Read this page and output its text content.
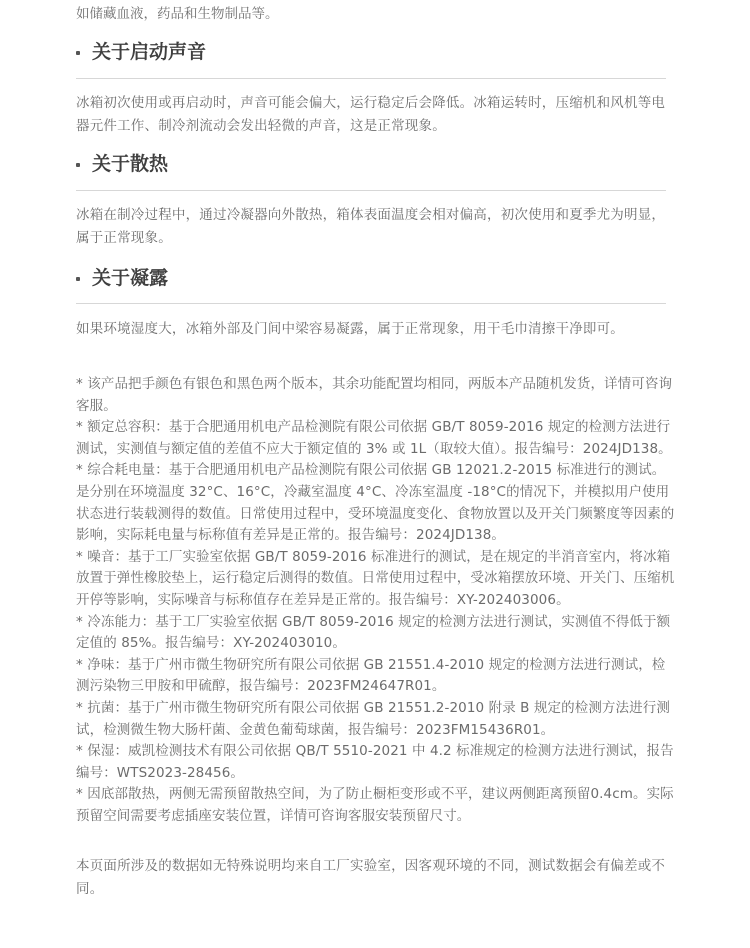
如储藏血液，药品和生物制品等。
关于启动声音
冰箱初次使用或再启动时，声音可能会偏大，运行稳定后会降低。冰箱运转时，压缩机和风机等电器元件工作、制冷剂流动会发出轻微的声音，这是正常现象。
关于散热
冰箱在制冷过程中，通过冷凝器向外散热，箱体表面温度会相对偏高，初次使用和夏季尤为明显，属于正常现象。
关于凝露
如果环境湿度大，冰箱外部及门间中梁容易凝露，属于正常现象，用干毛巾清擦干净即可。

* 该产品把手颜色有银色和黑色两个版本，其余功能配置均相同，两版本产品随机发货，详情可咨询客服。

* 额定总容积：基于合肥通用机电产品检测院有限公司依据 GB/T 8059-2016 规定的检测方法进行测试，实测值与额定值的差值不应大于额定值的 3% 或 1L（取较大值）。报告编号：2024JD138。

* 综合耗电量：基于合肥通用机电产品检测院有限公司依据 GB 12021.2-2015 标准进行的测试。是分别在环境温度 32°C、16°C，冷藏室温度 4°C、冷冻室温度 -18°C的情况下，并模拟用户使用状态进行装载测得的数值。日常使用过程中，受环境温度变化、食物放置以及开关门频繁度等因素的影响，实际耗电量与标称值有差异是正常的。报告编号：2024JD138。

* 噪音：基于工厂实验室依据 GB/T 8059-2016 标准进行的测试，是在规定的半消音室内，将冰箱放置于弹性橡胶垫上，运行稳定后测得的数值。日常使用过程中，受冰箱摆放环境、开关门、压缩机开停等影响，实际噪音与标称值存在差异是正常的。报告编号：XY-202403006。

* 冷冻能力：基于工厂实验室依据 GB/T 8059-2016 规定的检测方法进行测试，实测值不得低于额定值的 85%。报告编号：XY-202403010。

* 净味：基于广州市微生物研究所有限公司依据 GB 21551.4-2010 规定的检测方法进行测试，检测污染物三甲胺和甲硫醇，报告编号：2023FM24647R01。

* 抗菌：基于广州市微生物研究所有限公司依据 GB 21551.2-2010 附录 B 规定的检测方法进行测试，检测微生物大肠杆菌、金黄色葡萄球菌，报告编号：2023FM15436R01。

* 保湿：威凯检测技术有限公司依据 QB/T 5510-2021 中 4.2 标准规定的检测方法进行测试，报告编号：WTS2023-28456。

* 因底部散热，两侧无需预留散热空间，为了防止橱柜变形或不平，建议两侧距离预留0.4cm。实际预留空间需要考虑插座安装位置，详情可咨询客服安装预留尺寸。

本页面所涉及的数据如无特殊说明均来自工厂实验室，因客观环境的不同，测试数据会有偏差或不同。
